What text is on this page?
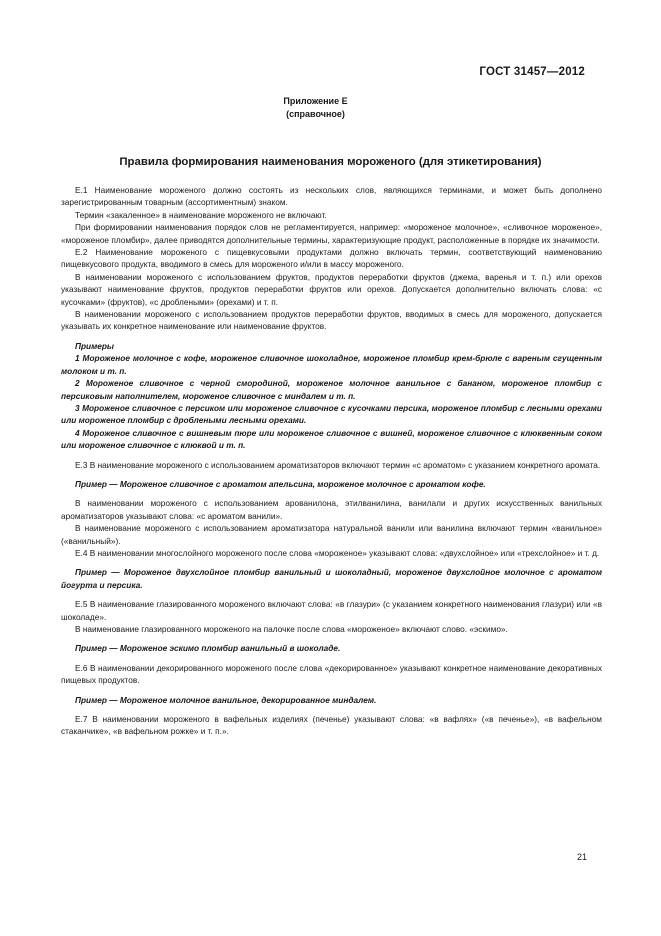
ГОСТ 31457—2012
Приложение Е
(справочное)
Правила формирования наименования мороженого (для этикетирования)

Е.1 Наименование мороженого должно состоять из нескольких слов, являющихся терминами, и может быть дополнено зарегистрированным товарным (ассортиментным) знаком.

Термин «закаленное» в наименование мороженого не включают.

При формировании наименования порядок слов не регламентируется, например: «мороженое молочное», «сливочное мороженое», «мороженое пломбир», далее приводятся дополнительные термины, характеризующие продукт, расположенные в порядке их значимости.

Е.2 Наименование мороженого с пищевкусовыми продуктами должно включать термин, соответствующий наименованию пищевкусового продукта, вводимого в смесь для мороженого и/или в массу мороженого.

В наименовании мороженого с использованием фруктов, продуктов переработки фруктов (джема, варенья и т. п.) или орехов указывают наименование фруктов, продуктов переработки фруктов или орехов. Допускается дополнительно включать слова: «с кусочками» (фруктов), «с дроблеными» (орехами) и т. п.

В наименовании мороженого с использованием продуктов переработки фруктов, вводимых в смесь для мороженого, допускается указывать их конкретное наименование или наименование фруктов.

Примеры

1 Мороженое молочное с кофе, мороженое сливочное шоколадное, мороженое пломбир крем-брюле с вареным сгущенным молоком и т. п.

2 Мороженое сливочное с черной смородиной, мороженое молочное ванильное с бананом, мороженое пломбир с персиковым наполнителем, мороженое сливочное с миндалем и т. п.

3 Мороженое сливочное с персиком или мороженое сливочное с кусочками персика, мороженое пломбир с лесными орехами или мороженое пломбир с дроблеными лесными орехами.

4 Мороженое сливочное с вишневым пюре или мороженое сливочное с вишней, мороженое сливочное с клюквенным соком или мороженое сливочное с клюквой и т. п.

Е.3 В наименование мороженого с использованием ароматизаторов включают термин «с ароматом» с указанием конкретного аромата.

Пример — Мороженое сливочное с ароматом апельсина, мороженое молочное с ароматом кофе.

В наименовании мороженого с использованием арованилона, этилванилина, ванилали и других искусственных ванильных ароматизаторов указывают слова: «с ароматом ванили».

В наименование мороженого с использованием ароматизатора натуральной ванили или ванилина включают термин «ванильное» («ванильный»).

Е.4 В наименовании многослойного мороженого после слова «мороженое» указывают слова: «двухслойное» или «трехслойное» и т. д.

Пример — Мороженое двухслойное пломбир ванильный и шоколадный, мороженое двухслойное молочное с ароматом йогурта и персика.

Е.5 В наименование глазированного мороженого включают слова: «в глазури» (с указанием конкретного наименования глазури) или «в шоколаде».

В наименование глазированного мороженого на палочке после слова «мороженое» включают слово. «эскимо».

Пример — Мороженое эскимо пломбир ванильный в шоколаде.

Е.6 В наименовании декорированного мороженого после слова «декорированное» указывают конкретное наименование декоративных пищевых продуктов.

Пример — Мороженое молочное ванильное, декорированное миндалем.

Е.7 В наименовании мороженого в вафельных изделиях (печенье) указывают слова: «в вафлях» («в печенье»), «в вафельном стаканчике», «в вафельном рожке» и т. п.».

21
